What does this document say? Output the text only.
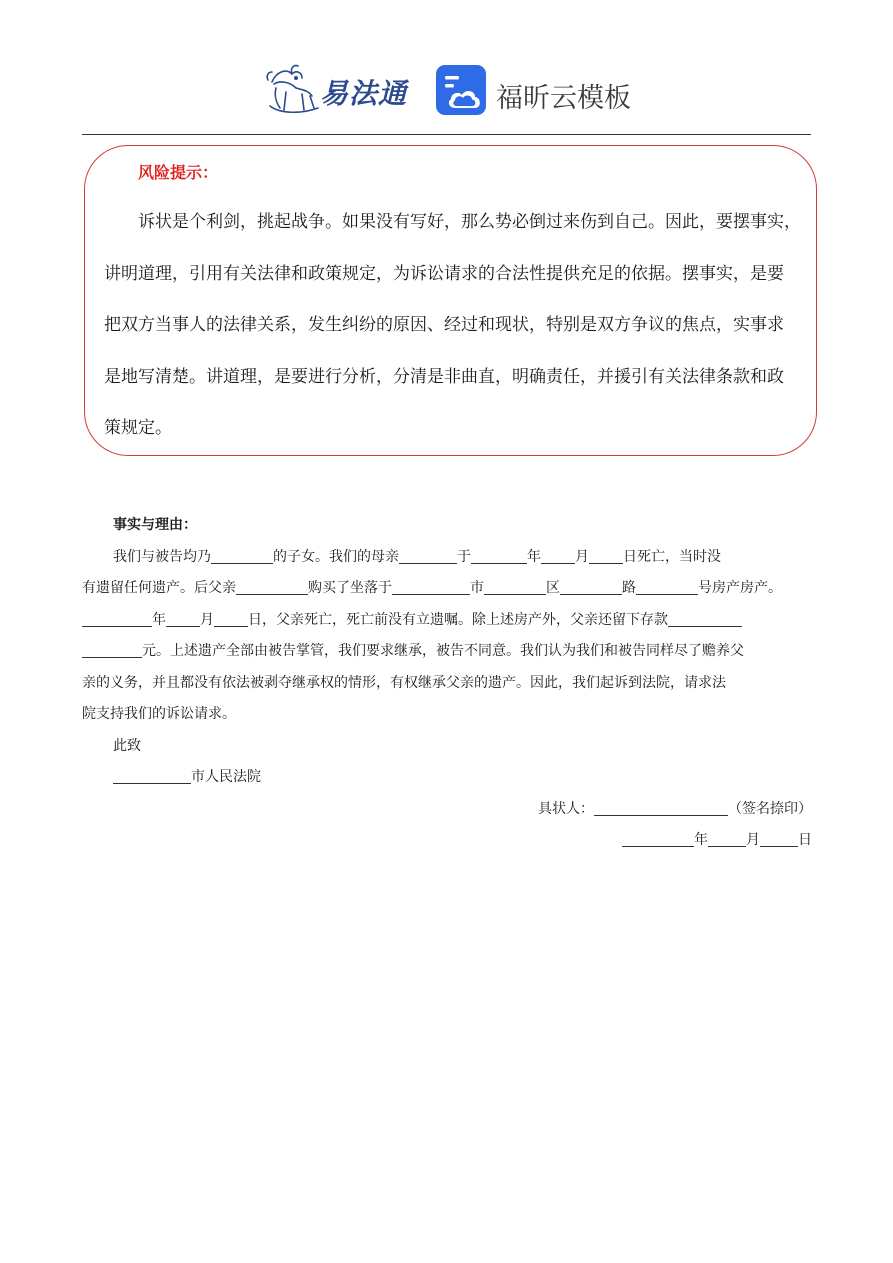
易法通	福昕云模板
风险提示：
诉状是个利剑，挑起战争。如果没有写好，那么势必倒过来伤到自己。因此，要摆事实，
讲明道理，引用有关法律和政策规定，为诉讼请求的合法性提供充足的依据。摆事实，是要
把双方当事人的法律关系，发生纠纷的原因、经过和现状，特别是双方争议的焦点，实事求
是地写清楚。讲道理，是要进行分析，分清是非曲直，明确责任，并援引有关法律条款和政
策规定。
事实与理由：
我们与被告均乃	的子女。我们的母亲	于	年 月 日死亡，当时没
有遗留任何遗产。后父亲	购买了坐落于	市	区	路	号房产房产。
年 月 日，父亲死亡，死亡前没有立遗嘱。除上述房产外，父亲还留下存款
元。上述遗产全部由被告掌管，我们要求继承，被告不同意。我们认为我们和被告同样尽了赡养父
亲的义务，并且都没有依法被剥夺继承权的情形，有权继承父亲的遗产。因此，我们起诉到法院，请求法
院支持我们的诉讼请求。
此致
市人民法院
具状人：	（签名捺印）
年	月	日
